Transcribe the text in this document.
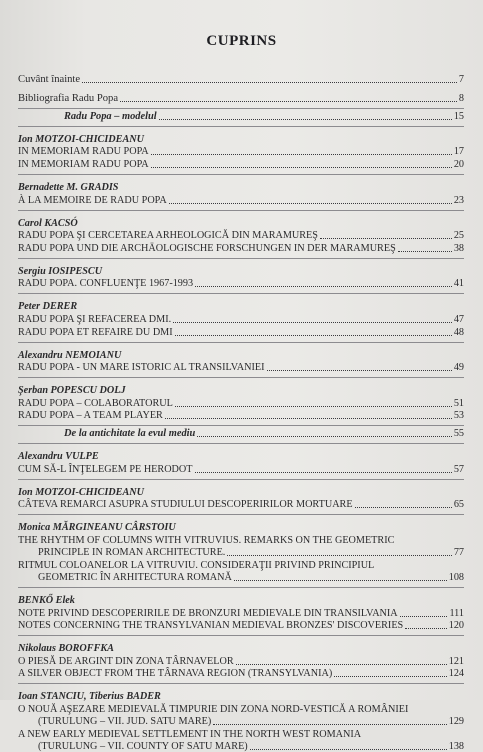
CUPRINS
Cuvânt înainte	7
Bibliografia Radu Popa	8
Radu Popa – modelul	15
Ion MOTZOI-CHICIDEANU
IN MEMORIAM RADU POPA	17
IN MEMORIAM RADU POPA	20
Bernadette M. GRADIS
À LA MEMOIRE DE RADU POPA	23
Carol KACSÓ
RADU POPA ŞI CERCETAREA ARHEOLOGICĂ DIN MARAMUREŞ	25
RADU POPA UND DIE ARCHÄOLOGISCHE FORSCHUNGEN IN DER MARAMUREŞ	38
Sergiu IOSIPESCU
RADU POPA. CONFLUENŢE 1967-1993	41
Peter DERER
RADU POPA ŞI REFACEREA DMI.	47
RADU POPA ET REFAIRE DU DMI	48
Alexandru NEMOIANU
RADU POPA - UN MARE ISTORIC AL TRANSILVANIEI	49
Şerban POPESCU DOLJ
RADU POPA – COLABORATORUL	51
RADU POPA – A TEAM PLAYER	53
De la antichitate la evul mediu	55
Alexandru VULPE
CUM SĂ-L ÎNŢELEGEM PE HERODOT	57
Ion MOTZOI-CHICIDEANU
CÂTEVA REMARCI ASUPRA STUDIULUI DESCOPERIRILOR MORTUARE	65
Monica MĂRGINEANU CÂRSTOIU
THE RHYTHM OF COLUMNS WITH VITRUVIUS. REMARKS ON THE GEOMETRIC
PRINCIPLE IN ROMAN ARCHITECTURE.	77
RITMUL COLOANELOR LA VITRUVIU. CONSIDERAŢII PRIVIND PRINCIPIUL
GEOMETRIC ÎN ARHITECTURA ROMANĂ	108
BENKŐ Elek
NOTE PRIVIND DESCOPERIRILE DE BRONZURI MEDIEVALE DIN TRANSILVANIA	111
NOTES CONCERNING THE TRANSYLVANIAN MEDIEVAL BRONZES' DISCOVERIES	120
Nikolaus BOROFFKA
O PIESĂ DE ARGINT DIN ZONA TÂRNAVELOR	121
A SILVER OBJECT FROM THE TÂRNAVA REGION (TRANSYLVANIA)	124
Ioan STANCIU, Tiberius BADER
O NOUĂ AŞEZARE MEDIEVALĂ TIMPURIE DIN ZONA NORD-VESTICĂ A ROMÂNIEI
(TURULUNG – VII. JUD. SATU MARE)	129
A NEW EARLY MEDIEVAL SETTLEMENT IN THE NORTH WEST ROMANIA
(TURULUNG – VII. COUNTY OF SATU MARE)	138
